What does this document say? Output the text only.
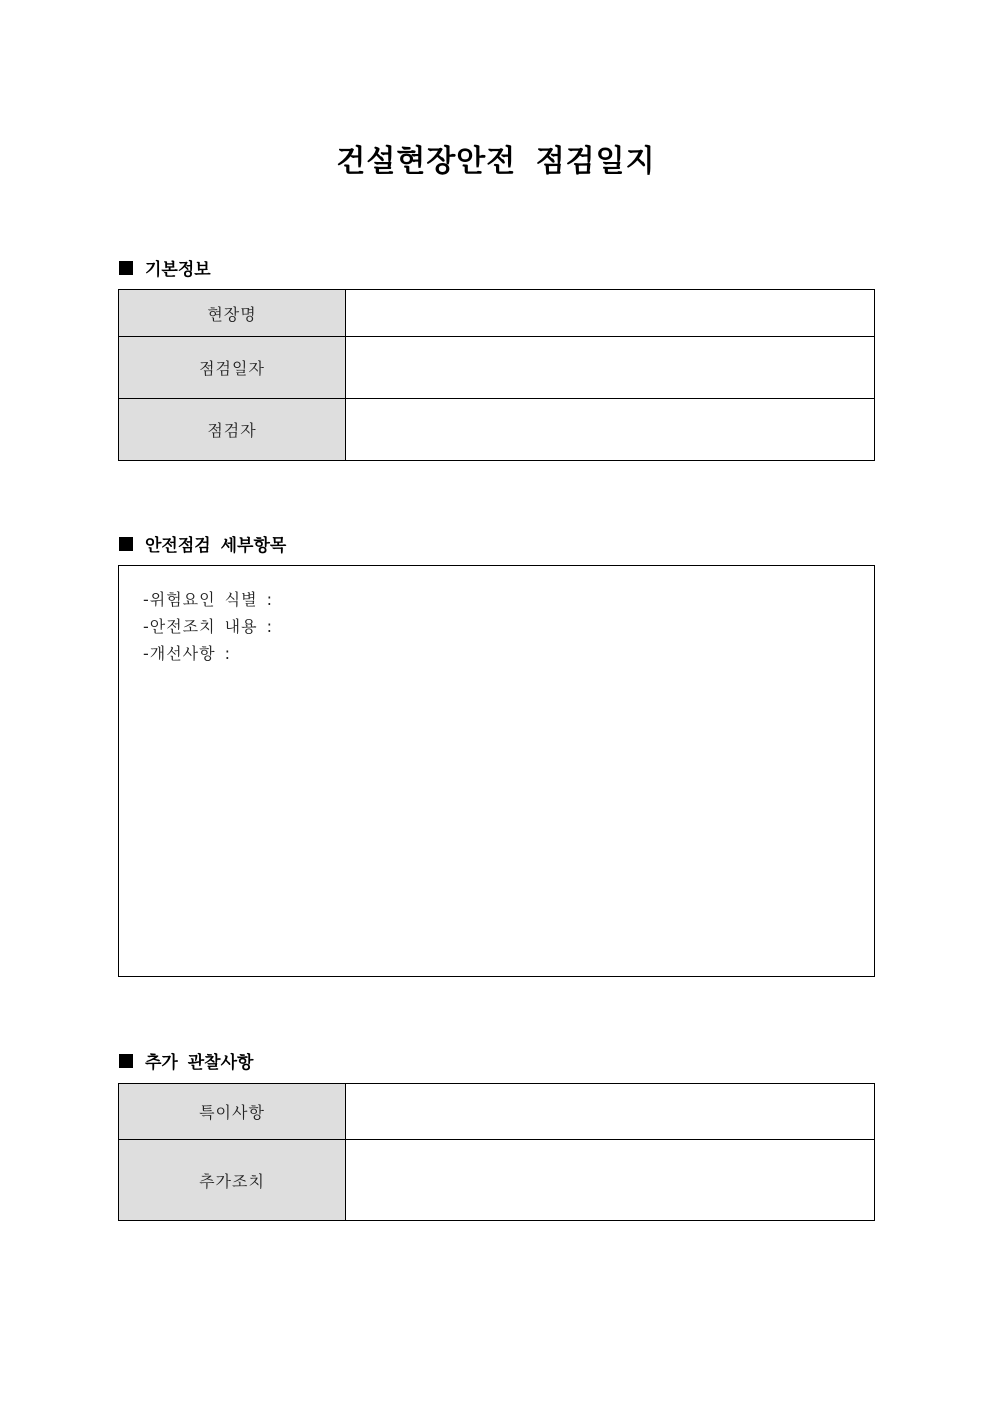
건설현장안전 점검일지
기본정보
현장명	
점검일자	
점검자	
안전점검 세부항목
-위험요인 식별 :
-안전조치 내용 :
-개선사항 :
추가 관찰사항
특이사항	
추가조치	
